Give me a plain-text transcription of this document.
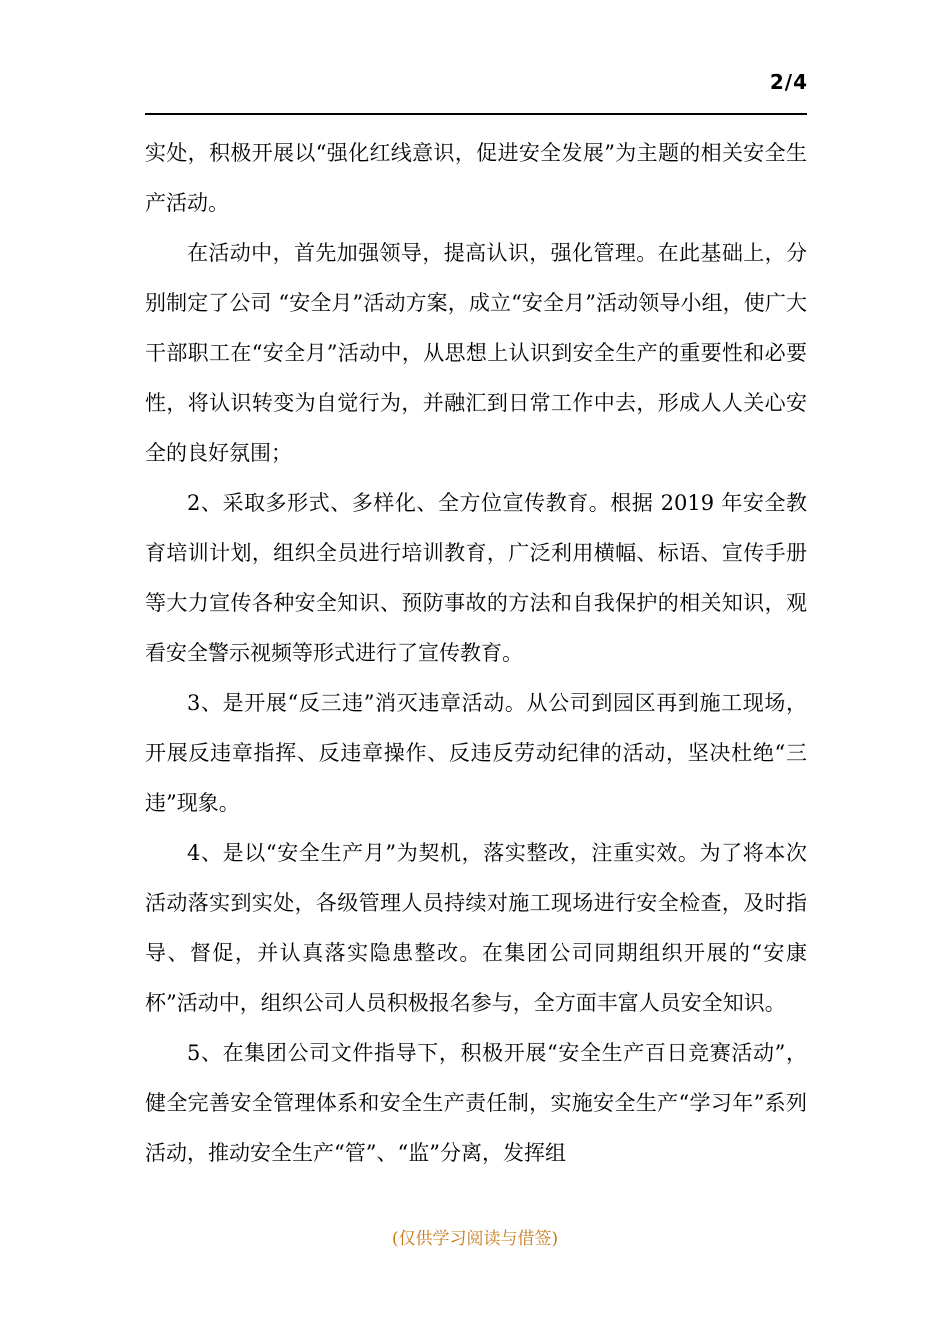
2/4

实处，积极开展以“强化红线意识，促进安全发展”为主题的相关安全生产活动。

在活动中，首先加强领导，提高认识，强化管理。在此基础上，分别制定了公司 “安全月”活动方案，成立“安全月”活动领导小组，使广大干部职工在“安全月”活动中，从思想上认识到安全生产的重要性和必要性，将认识转变为自觉行为，并融汇到日常工作中去，形成人人关心安全的良好氛围；

2、采取多形式、多样化、全方位宣传教育。根据 2019 年安全教育培训计划，组织全员进行培训教育，广泛利用横幅、标语、宣传手册等大力宣传各种安全知识、预防事故的方法和自我保护的相关知识，观看安全警示视频等形式进行了宣传教育。

3、是开展“反三违”消灭违章活动。从公司到园区再到施工现场，开展反违章指挥、反违章操作、反违反劳动纪律的活动，坚决杜绝“三违”现象。

4、是以“安全生产月”为契机，落实整改，注重实效。为了将本次活动落实到实处，各级管理人员持续对施工现场进行安全检查，及时指导、督促，并认真落实隐患整改。在集团公司同期组织开展的“安康杯”活动中，组织公司人员积极报名参与，全方面丰富人员安全知识。

5、在集团公司文件指导下，积极开展“安全生产百日竞赛活动”，健全完善安全管理体系和安全生产责任制，实施安全生产“学习年”系列活动，推动安全生产“管”、“监”分离，发挥组

(仅供学习阅读与借签)
